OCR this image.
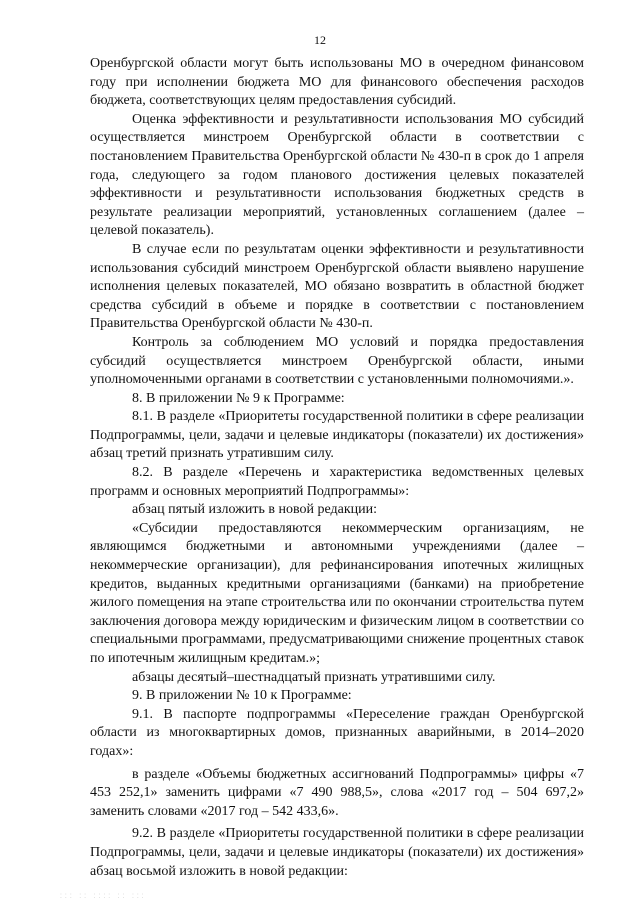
12

Оренбургской области могут быть использованы МО в очередном финансовом году при исполнении бюджета МО для финансового обеспечения расходов бюджета, соответствующих целям предоставления субсидий.

Оценка эффективности и результативности использования МО субсидий осуществляется минстроем Оренбургской области в соответствии с постановлением Правительства Оренбургской области № 430-п в срок до 1 апреля года, следующего за годом планового достижения целевых показателей эффективности и результативности использования бюджетных средств в результате реализации мероприятий, установленных соглашением (далее – целевой показатель).

В случае если по результатам оценки эффективности и результативности использования субсидий минстроем Оренбургской области выявлено нарушение исполнения целевых показателей, МО обязано возвратить в областной бюджет средства субсидий в объеме и порядке в соответствии с постановлением Правительства Оренбургской области № 430-п.

Контроль за соблюдением МО условий и порядка предоставления субсидий осуществляется минстроем Оренбургской области, иными уполномоченными органами в соответствии с установленными полномочиями.».

8. В приложении № 9 к Программе:

8.1. В разделе «Приоритеты государственной политики в сфере реализации Подпрограммы, цели, задачи и целевые индикаторы (показатели) их достижения» абзац третий признать утратившим силу.

8.2. В разделе «Перечень и характеристика ведомственных целевых программ и основных мероприятий Подпрограммы»:

абзац пятый изложить в новой редакции:

«Субсидии предоставляются некоммерческим организациям, не являющимся бюджетными и автономными учреждениями (далее – некоммерческие организации), для рефинансирования ипотечных жилищных кредитов, выданных кредитными организациями (банками) на приобретение жилого помещения на этапе строительства или по окончании строительства путем заключения договора между юридическим и физическим лицом в соответствии со специальными программами, предусматривающими снижение процентных ставок по ипотечным жилищным кредитам.»;

абзацы десятый–шестнадцатый признать утратившими силу.

9. В приложении № 10 к Программе:

9.1. В паспорте подпрограммы «Переселение граждан Оренбургской области из многоквартирных домов, признанных аварийными, в 2014–2020 годах»:

в разделе «Объемы бюджетных ассигнований Подпрограммы» цифры «7 453 252,1» заменить цифрами «7 490 988,5», слова «2017 год – 504 697,2» заменить словами «2017 год – 542 433,6».

9.2. В разделе «Приоритеты государственной политики в сфере реализации Подпрограммы, цели, задачи и целевые индикаторы (показатели) их достижения» абзац восьмой изложить в новой редакции:

⁚⁚⁚ ⁚⁚ ⁚⁚⁚⁚ ⁚⁚ ⁚⁚⁚
